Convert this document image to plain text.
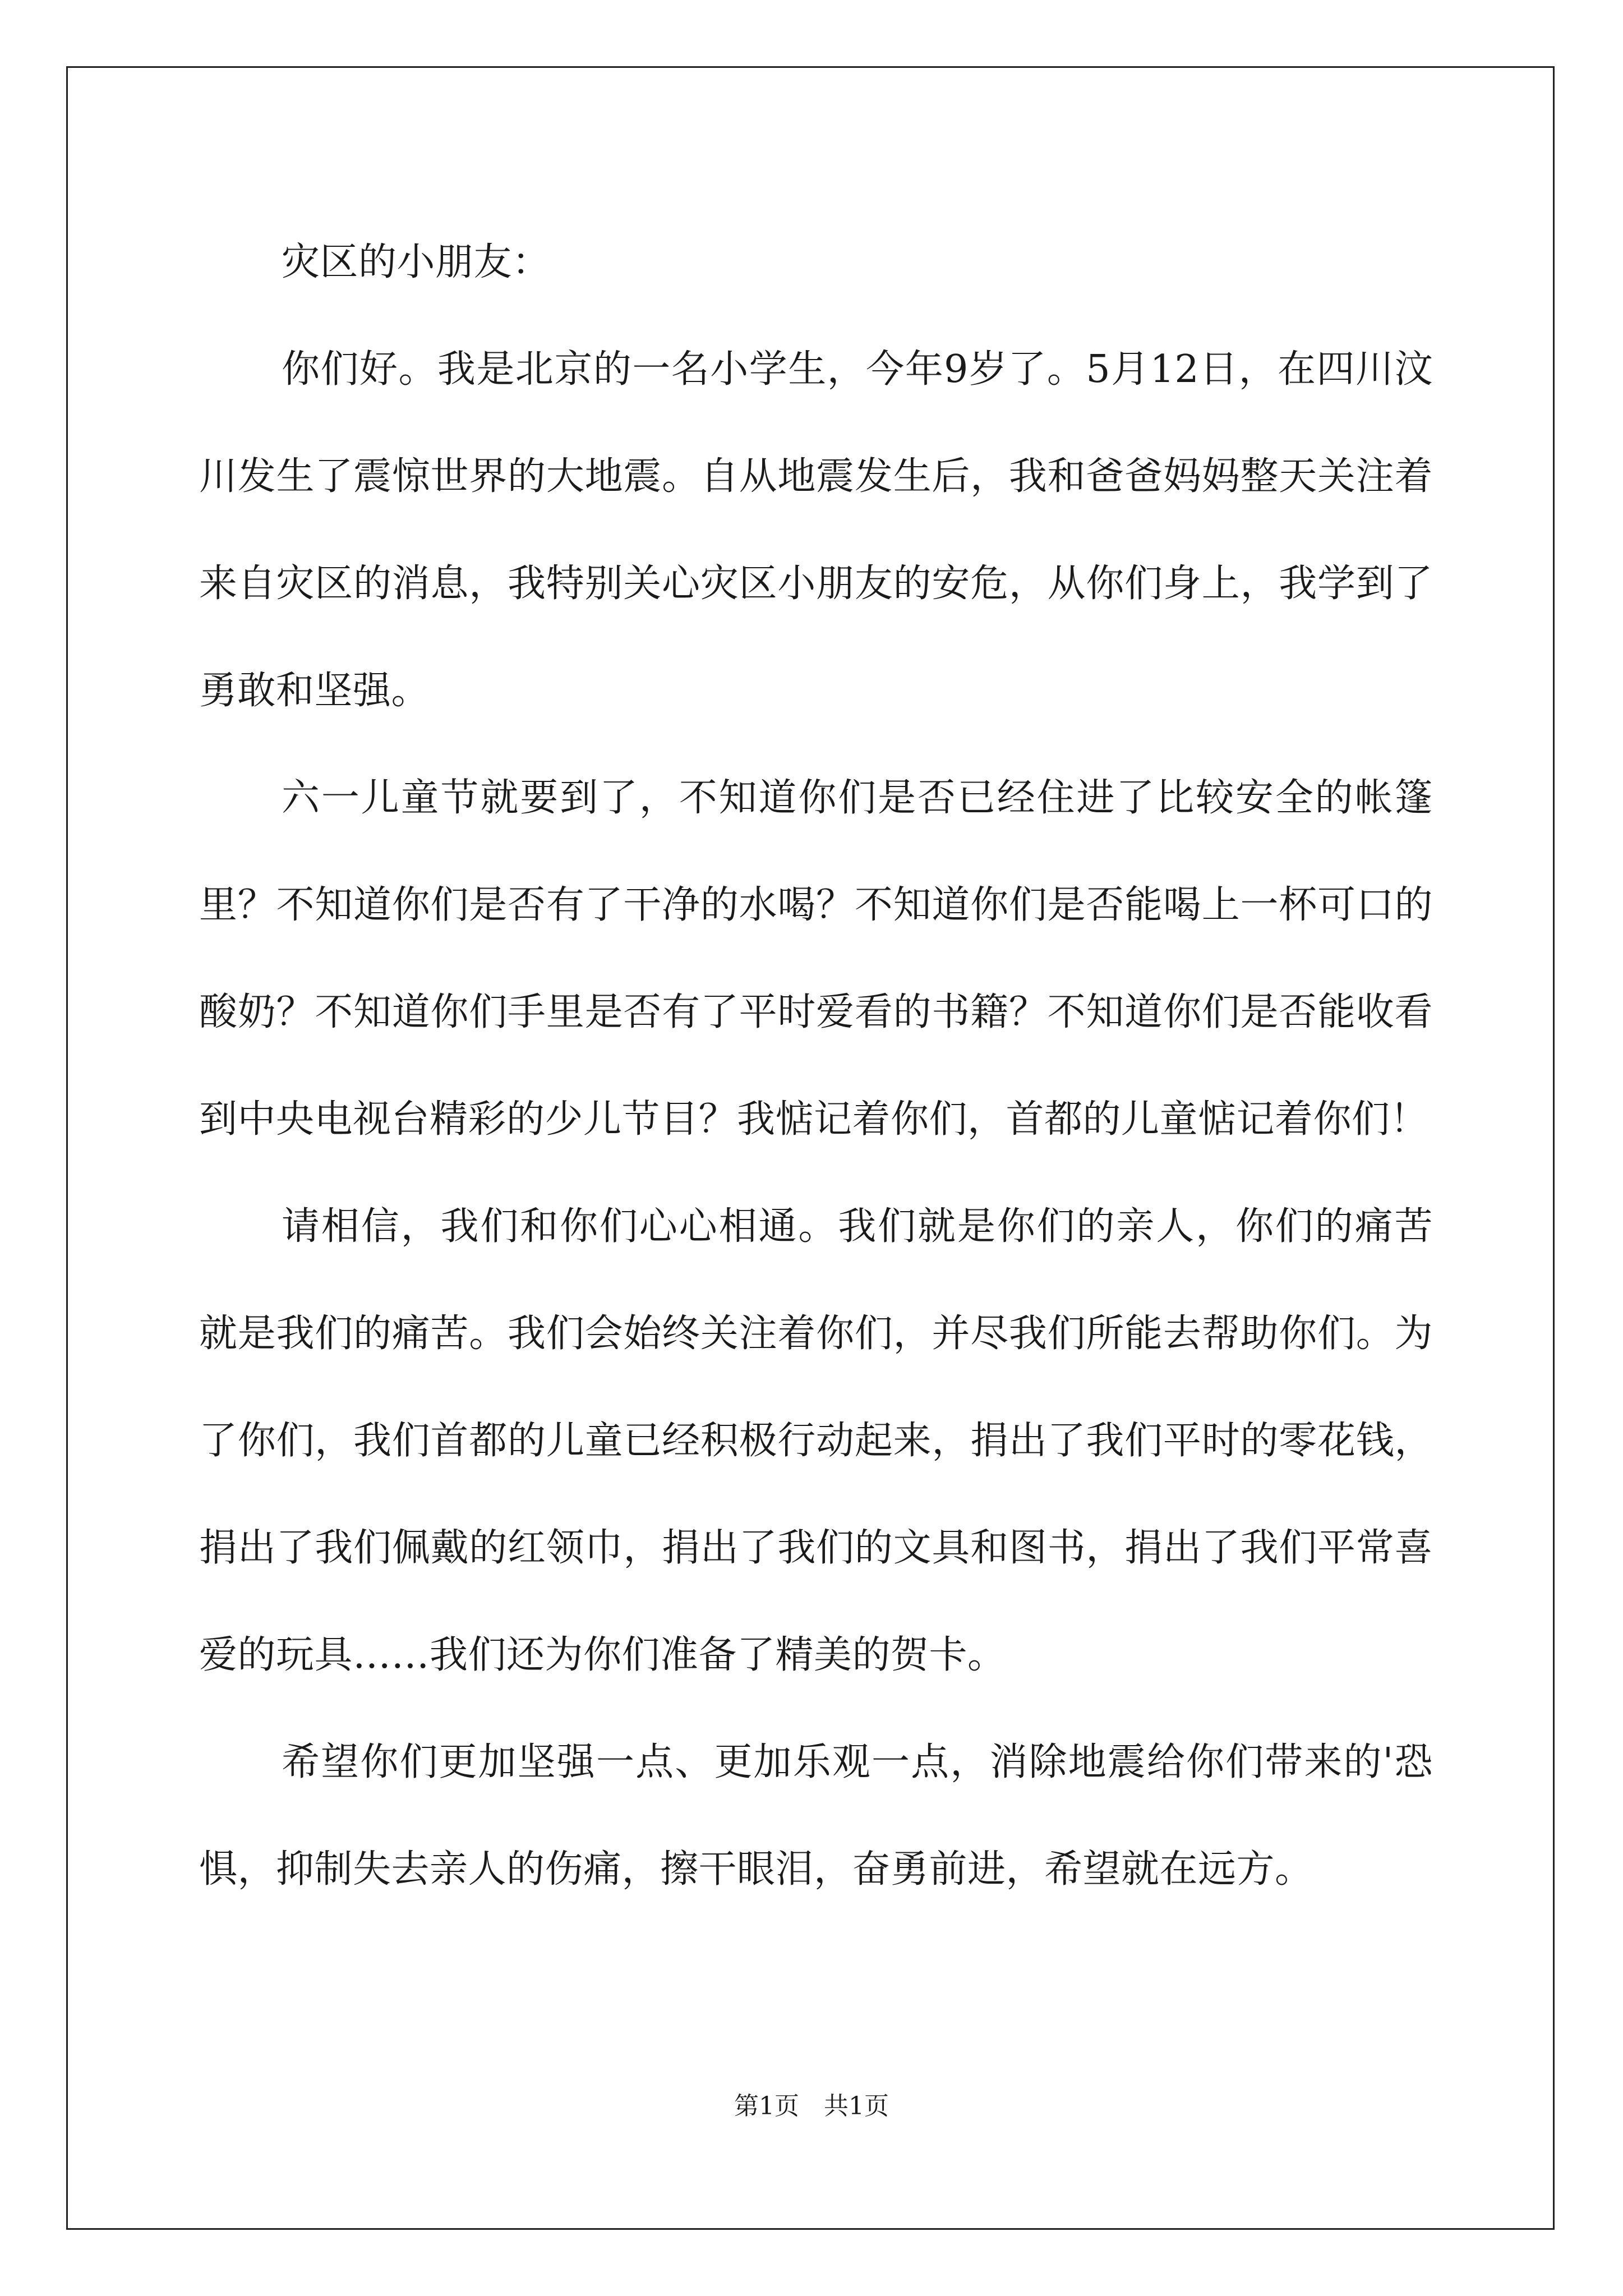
灾区的小朋友：

你们好。我是北京的一名小学生，今年9岁了。5月12日，在四川汶川发生了震惊世界的大地震。自从地震发生后，我和爸爸妈妈整天关注着来自灾区的消息，我特别关心灾区小朋友的安危，从你们身上，我学到了勇敢和坚强。

六一儿童节就要到了，不知道你们是否已经住进了比较安全的帐篷里？不知道你们是否有了干净的水喝？不知道你们是否能喝上一杯可口的酸奶？不知道你们手里是否有了平时爱看的书籍？不知道你们是否能收看到中央电视台精彩的少儿节目？我惦记着你们，首都的儿童惦记着你们！

请相信，我们和你们心心相通。我们就是你们的亲人，你们的痛苦就是我们的痛苦。我们会始终关注着你们，并尽我们所能去帮助你们。为了你们，我们首都的儿童已经积极行动起来，捐出了我们平时的零花钱，捐出了我们佩戴的红领巾，捐出了我们的文具和图书，捐出了我们平常喜爱的玩具……我们还为你们准备了精美的贺卡。

希望你们更加坚强一点、更加乐观一点，消除地震给你们带来的'恐惧，抑制失去亲人的伤痛，擦干眼泪，奋勇前进，希望就在远方。

第1页 共1页
